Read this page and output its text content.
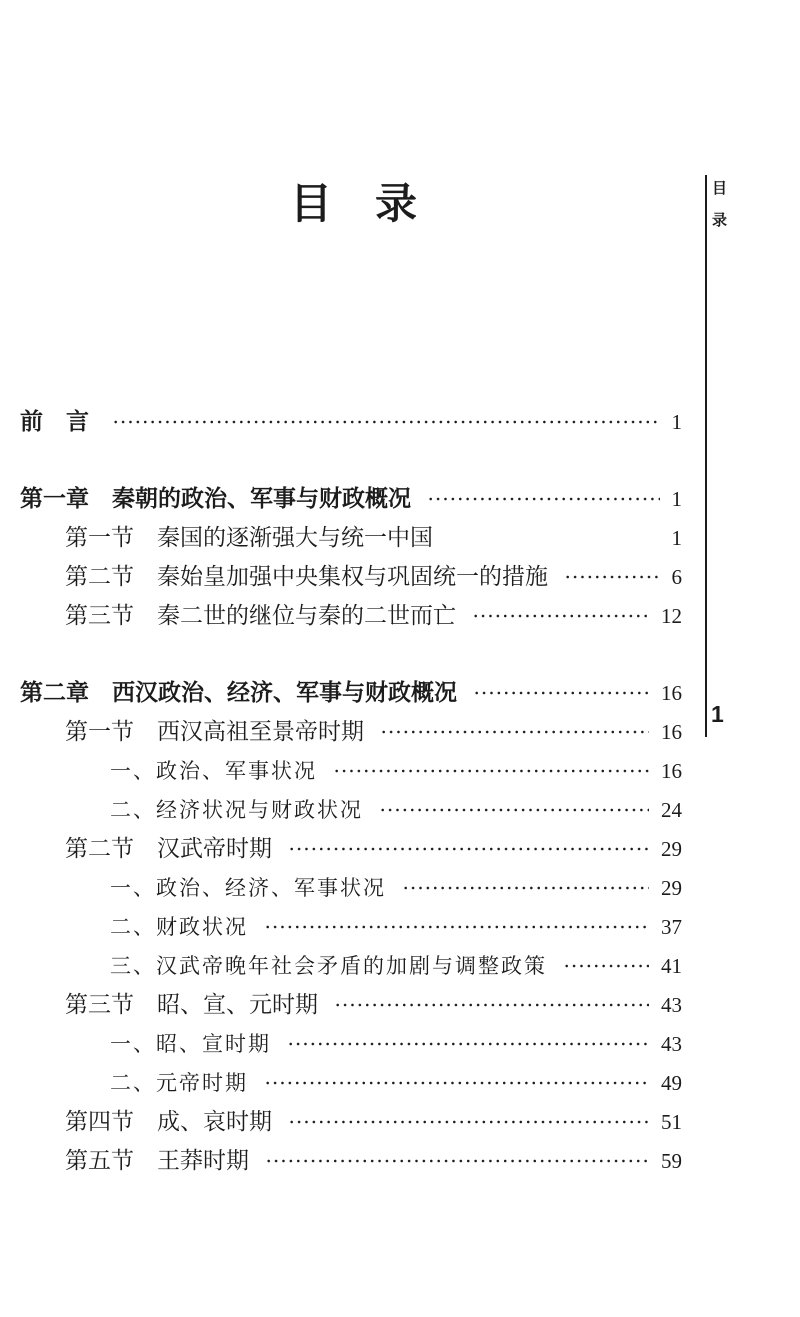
目录	目录
1
前言	1
第一章 秦朝的政治、军事与财政概况	1
第一节 秦国的逐渐强大与统一中国	1
第二节 秦始皇加强中央集权与巩固统一的措施	6
第三节 秦二世的继位与秦的二世而亡	12
第二章 西汉政治、经济、军事与财政概况	16
第一节 西汉高祖至景帝时期	16
一、政治、军事状况	16
二、经济状况与财政状况	24
第二节 汉武帝时期	29
一、政治、经济、军事状况	29
二、财政状况	37
三、汉武帝晚年社会矛盾的加剧与调整政策	41
第三节 昭、宣、元时期	43
一、昭、宣时期	43
二、元帝时期	49
第四节 成、哀时期	51
第五节 王莽时期	59
